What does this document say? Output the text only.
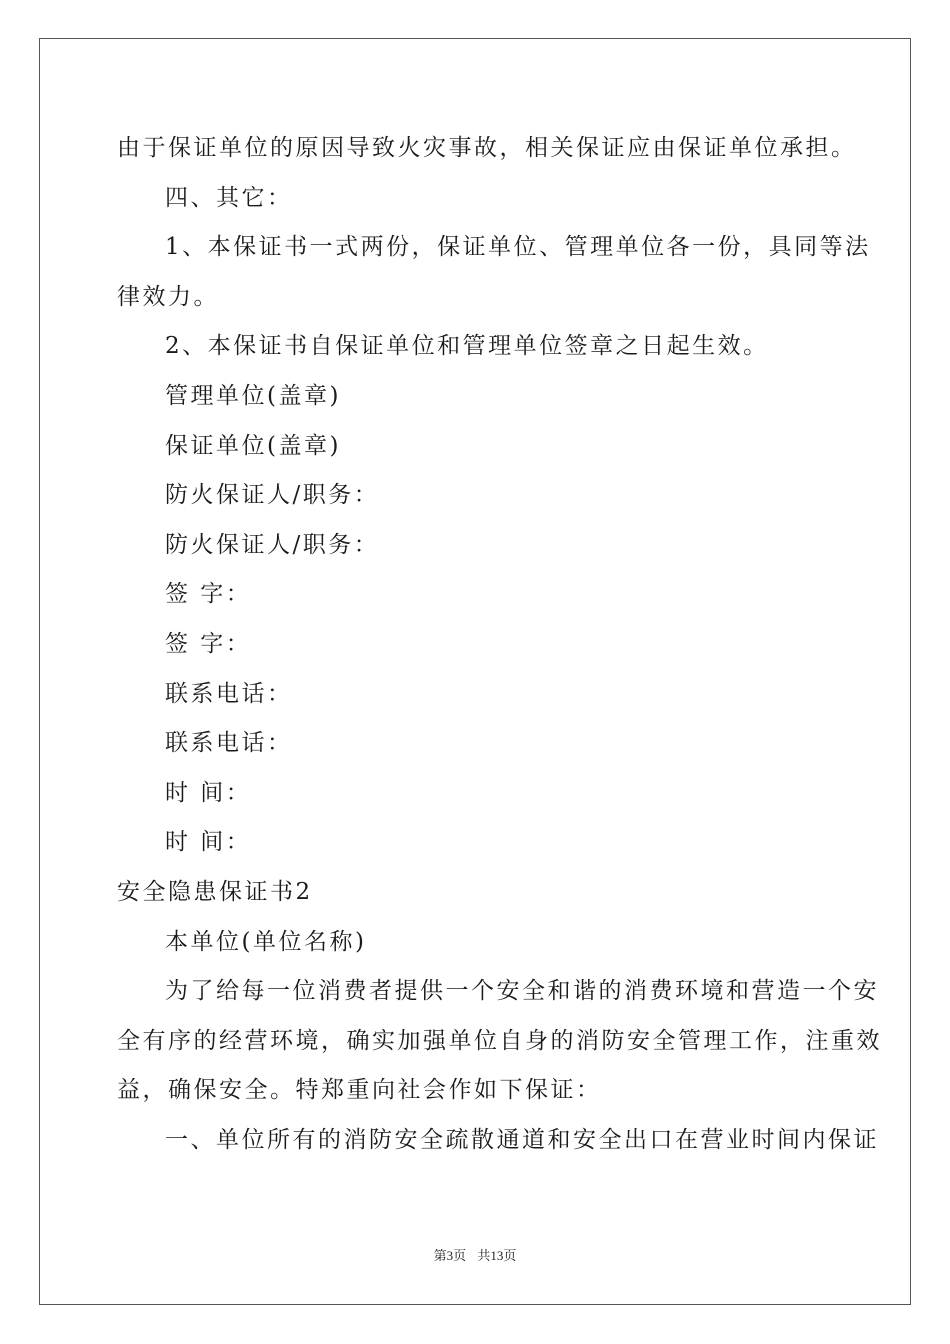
由于保证单位的原因导致火灾事故，相关保证应由保证单位承担。
四、其它：
1、本保证书一式两份，保证单位、管理单位各一份，具同等法
律效力。
2、本保证书自保证单位和管理单位签章之日起生效。
管理单位(盖章)
保证单位(盖章)
防火保证人/职务：
防火保证人/职务：
签 字：
签 字：
联系电话：
联系电话：
时 间：
时 间：
安全隐患保证书2
本单位(单位名称)
为了给每一位消费者提供一个安全和谐的消费环境和营造一个安
全有序的经营环境，确实加强单位自身的消防安全管理工作，注重效
益，确保安全。特郑重向社会作如下保证：
一、单位所有的消防安全疏散通道和安全出口在营业时间内保证
第3页 共13页
